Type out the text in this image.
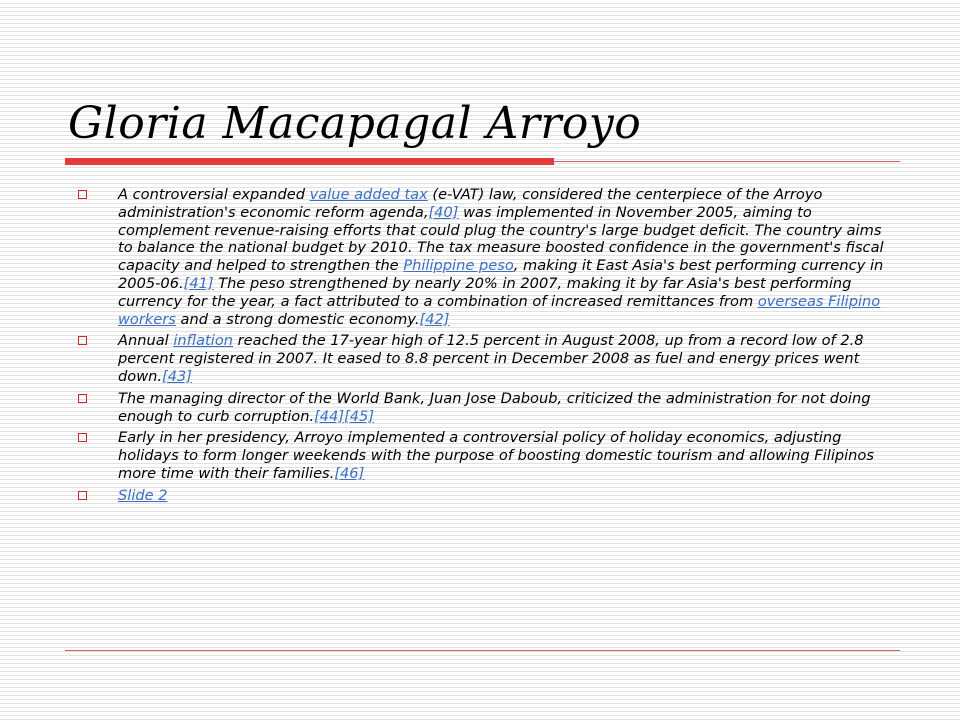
Gloria Macapagal Arroyo
A controversial expanded value added tax (e-VAT) law, considered the centerpiece of the Arroyo administration's economic reform agenda,[40] was implemented in November 2005, aiming to complement revenue-raising efforts that could plug the country's large budget deficit. The country aims to balance the national budget by 2010. The tax measure boosted confidence in the government's fiscal capacity and helped to strengthen the Philippine peso, making it East Asia's best performing currency in 2005-06.[41] The peso strengthened by nearly 20% in 2007, making it by far Asia's best performing currency for the year, a fact attributed to a combination of increased remittances from overseas Filipino workers and a strong domestic economy.[42]
Annual inflation reached the 17-year high of 12.5 percent in August 2008, up from a record low of 2.8 percent registered in 2007. It eased to 8.8 percent in December 2008 as fuel and energy prices went down.[43]
The managing director of the World Bank, Juan Jose Daboub, criticized the administration for not doing enough to curb corruption.[44][45]
Early in her presidency, Arroyo implemented a controversial policy of holiday economics, adjusting holidays to form longer weekends with the purpose of boosting domestic tourism and allowing Filipinos more time with their families.[46]
Slide 2
